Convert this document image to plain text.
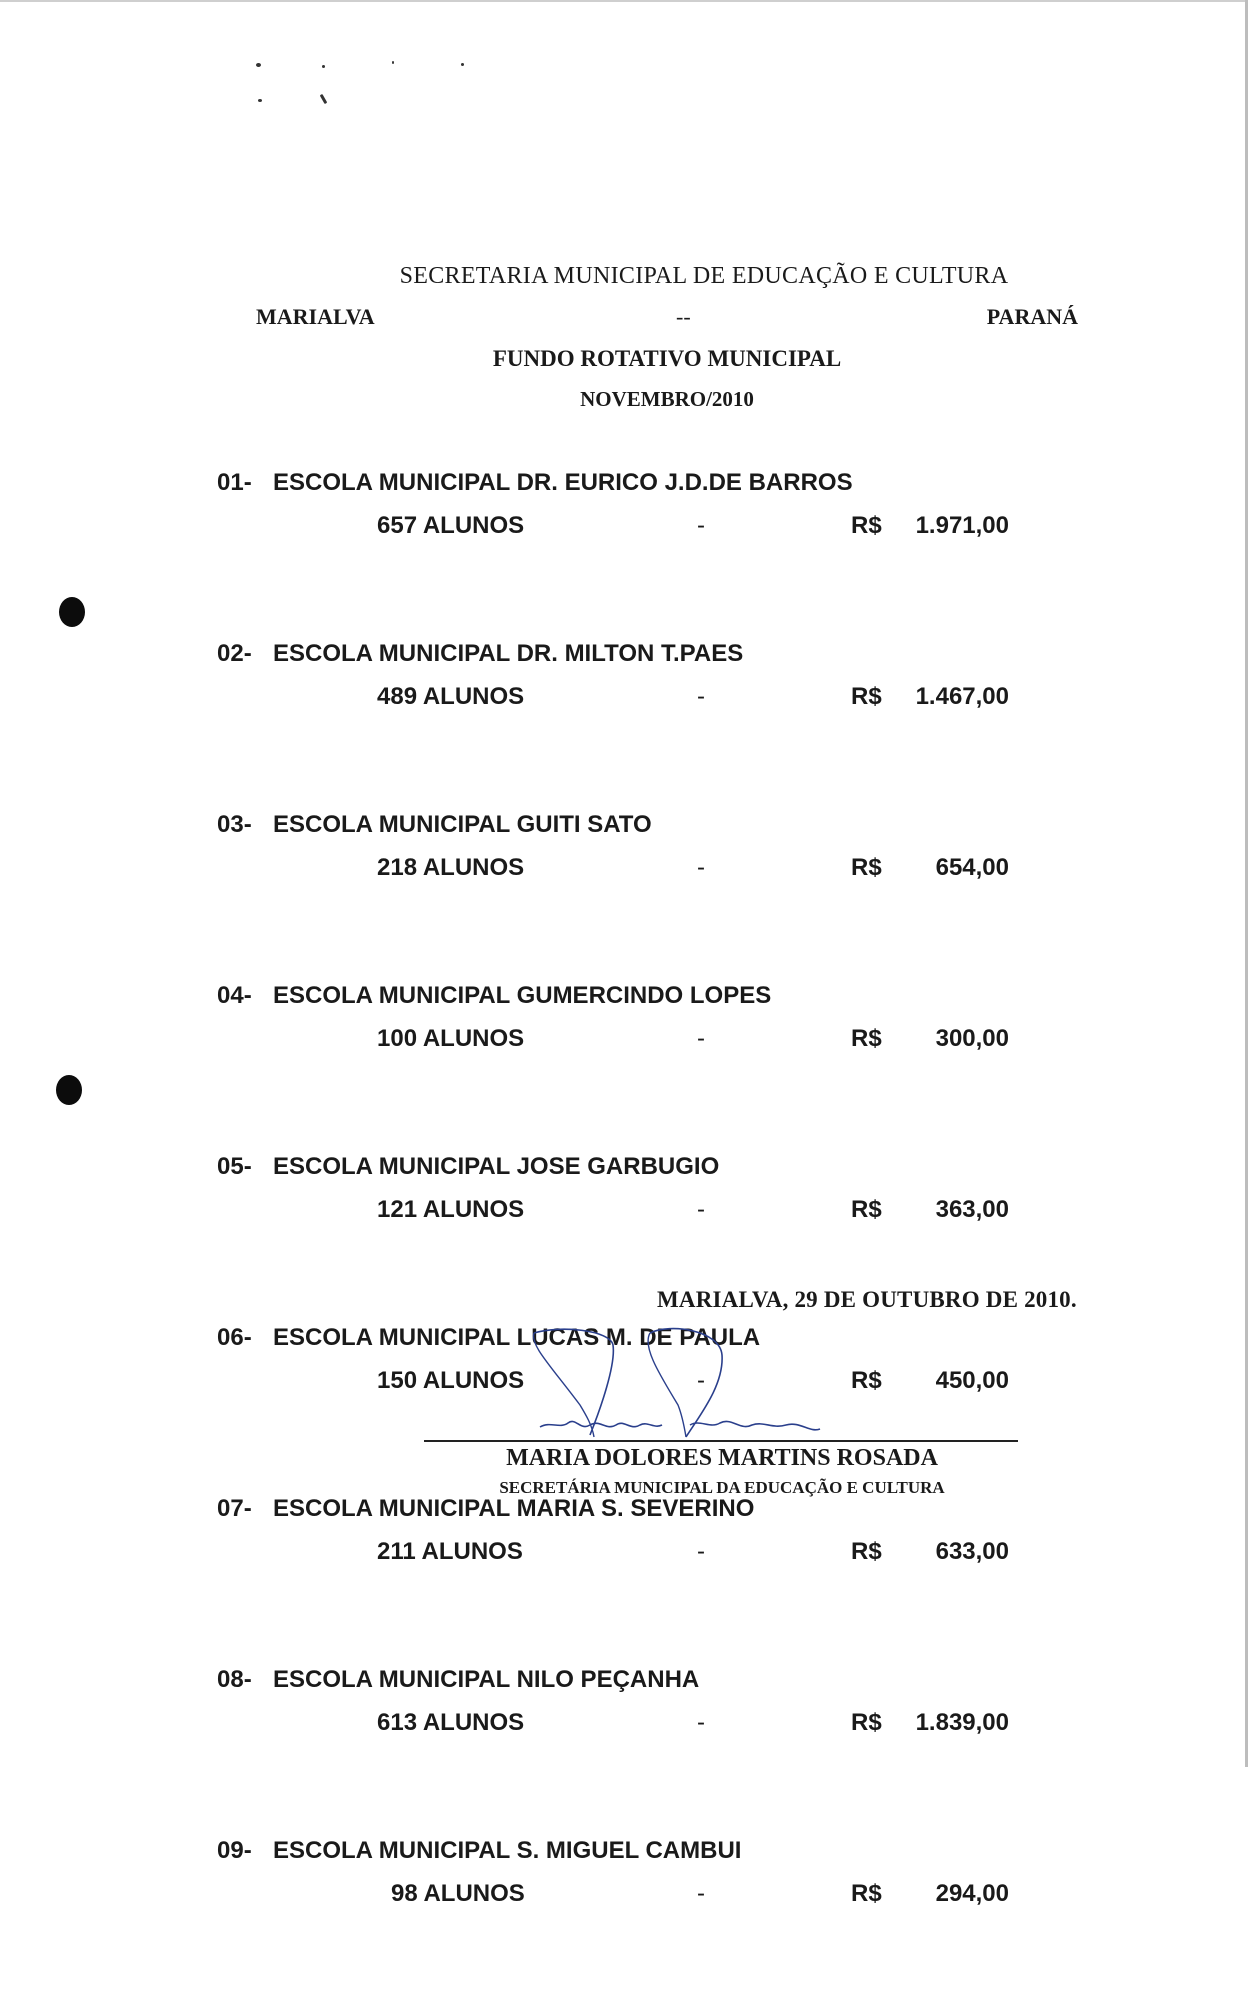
SECRETARIA MUNICIPAL DE EDUCAÇÃO E CULTURA
MARIALVA	--	PARANÁ
FUNDO ROTATIVO MUNICIPAL
NOVEMBRO/2010
01- ESCOLA MUNICIPAL DR. EURICO J.D.DE BARROS
657 ALUNOS	-	R$ 1.971,00
02- ESCOLA MUNICIPAL DR. MILTON T.PAES
489 ALUNOS	-	R$ 1.467,00
03- ESCOLA MUNICIPAL GUITI SATO
218 ALUNOS	-	R$ 654,00
04- ESCOLA MUNICIPAL GUMERCINDO LOPES
100 ALUNOS	-	R$ 300,00
05- ESCOLA MUNICIPAL JOSE GARBUGIO
121 ALUNOS	-	R$ 363,00
06- ESCOLA MUNICIPAL LUCAS M. DE PAULA
150 ALUNOS	-	R$ 450,00
07- ESCOLA MUNICIPAL MARIA S. SEVERINO
211 ALUNOS	-	R$ 633,00
08- ESCOLA MUNICIPAL NILO PEÇANHA
613 ALUNOS	-	R$ 1.839,00
09- ESCOLA MUNICIPAL S. MIGUEL CAMBUI
98 ALUNOS	-	R$ 294,00
MARIALVA, 29 DE OUTUBRO DE 2010.
MARIA DOLORES MARTINS ROSADA
SECRETÁRIA MUNICIPAL DA EDUCAÇÃO E CULTURA
